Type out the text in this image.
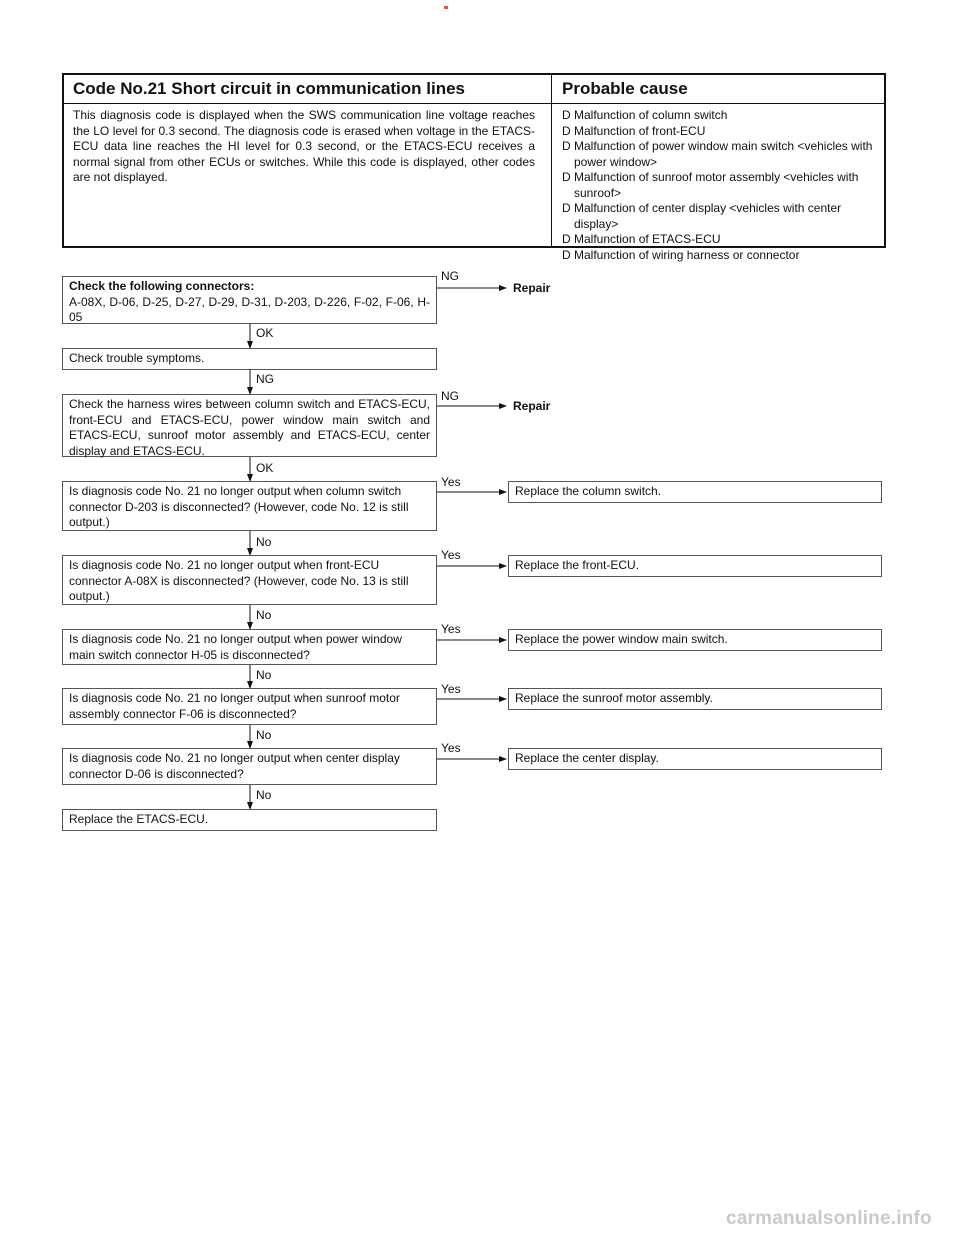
Code No.21 Short circuit in communication lines	Probable cause
This diagnosis code is displayed when the SWS communication line voltage reaches the LO level for 0.3 second. The diagnosis code is erased when voltage in the ETACS-ECU data line reaches the HI level for 0.3 second, or the ETACS-ECU receives a normal signal from other ECUs or switches. While this code is displayed, other codes are not displayed.
D Malfunction of column switch
D Malfunction of front-ECU
D Malfunction of power window main switch <vehicles with power window>
D Malfunction of sunroof motor assembly <vehicles with sunroof>
D Malfunction of center display <vehicles with center display>
D Malfunction of ETACS-ECU
D Malfunction of wiring harness or connector
Check the following connectors:
A-08X, D-06, D-25, D-27, D-29, D-31, D-203, D-226, F-02, F-06, H-05
Check trouble symptoms.
Check the harness wires between column switch and ETACS-ECU, front-ECU and ETACS-ECU, power window main switch and ETACS-ECU, sunroof motor assembly and ETACS-ECU, center display and ETACS-ECU.
Is diagnosis code No. 21 no longer output when column switch connector D-203 is disconnected? (However, code No. 12 is still output.)
Is diagnosis code No. 21 no longer output when front-ECU connector A-08X is disconnected? (However, code No. 13 is still output.)
Is diagnosis code No. 21 no longer output when power window main switch connector H-05 is disconnected?
Is diagnosis code No. 21 no longer output when sunroof motor assembly connector F-06 is disconnected?
Is diagnosis code No. 21 no longer output when center display connector D-06 is disconnected?
Replace the ETACS-ECU.
Replace the column switch.
Replace the front-ECU.
Replace the power window main switch.
Replace the sunroof motor assembly.
Replace the center display.
Repair
Repair
NG
OK
NG
NG
OK
Yes
No
Yes
No
Yes
No
Yes
No
Yes
No
carmanualsonline.info
